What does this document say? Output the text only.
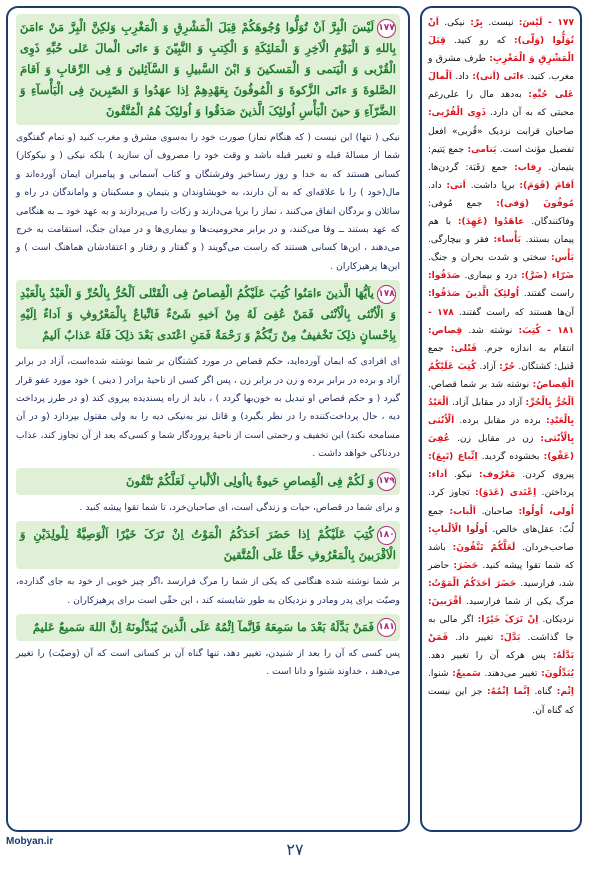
۱۷۷لَیْسَ الْبِرَّ اَنْ تُوَلُّوا وُجُوهَکُمْ قِبَلَ الْمَشْرِقِ وَ الْمَغْرِبِ وَلکِنَّ الْبِرَّ مَنْ ءامَنَ بِاللهِ وَ الْیَوْمِ الْاَخِرِ وَ الْمَلئِکَةِ وَ الْکِتبِ وَ النَّبِیّنَ وَ ءاتَی الْمالَ عَلی حُبِّهِ ذَوِی الْقُرْبی وَ الْیَتمی وَ الْمَسکینَ وَ ابْنَ السَّبیلِ وَ السَّآئِلینَ وَ فِی الرِّقابِ وَ اَقامَ الصَّلوةَ وَ ءاتَی الزَّکوةَ وَ الْمُوفُونَ بِعَهْدِهِمْ اِذا عهَدُوا وَ الصّبِرینَ فِی الْبَأْسآءِ وَ الضَّرّآءِ وَ حینَ الْبَأْسِ اُولئِکَ الَّذینَ صَدَقُوا وَ اُولئِکَ هُمُ الْمُتَّقُونَ

نیکی ( تنها) این نیست ( که هنگام نماز) صورت خود را به‌سوی مشرق و مغرب کنید (و تمام گفتگوی شما از مسالهٔ قبله و تغییر قبله باشد و وقت خود را مصروف آن سازید ) بلکه نیکی ( و نیکوکار) کسانی هستند که به خدا و روز رستاخیز وفرشتگان و کتاب آسمانی و پیامبران ایمان آورده‌اند و مال(خود ) را با علاقه‌ای که به آن دارند، به خویشاوندان و یتیمان و مسکینان و واماندگان در راه و سائلان و بردگان انفاق می‌کنند ، نماز را برپا می‌دارند و زکات را می‌پردازند و به عهد خود ــ به هنگامی که عهد بستند ــ وفا می‌کنند، و در برابر محرومیت‌ها و بیماری‌ها و در میدان جنگ، استقامت به خرج می‌دهند ، این‌ها کسانی هستند که راست می‌گویند ( و گفتار و رفتار و اعتقادشان هماهنگ است ) و این‌ها پرهیزکاران .

۱۷۸یاَیُّهَا الَّذینَ ءامَنُوا کُتِبَ عَلَیْکُمُ الْقِصاصُ فِی الْقَتْلی اَلْحُرُّ بِالْحُرِّ وَ الْعَبْدُ بِالْعَبْدِ وَ الْاُنْثی بِالْاُنْثی فَمَنْ عُفِیَ لَهُ مِنْ اَخیهِ شَیْءٌ فَاتِّباعٌ بِالْمَعْرُوفِ وَ اَداءٌ اِلَیْهِ بِاِحْسانٍ ذلِکَ تَخْفیفٌ مِنْ رَبِّکُمْ وَ رَحْمَةٌ فَمَنِ اعْتَدی بَعْدَ ذلِکَ فَلَهُ عَذابٌ اَلیمٌ

ای افرادی که ایمان آورده‌اید، حکم قصاص در مورد کشتگان بر شما نوشته شده‌است، آزاد در برابر آزاد و برده در برابر برده و زن در برابر زن ، پس اگر کسی از ناحیهٔ برادر ( دینی ) خود مورد عفو قرار گیرد ( و حکم قصاص او تبدیل به خون‌بها گردد ) ، باید از راه پسندیده پیروی کند (و در طرز پرداخت دیه ، حال پرداخت‌کننده را در نظر بگیرد) و قاتل نیز به‌نیکی دیه را به ولی مقتول بپردازد (و در آن مسامحه نکند) این تخفیف و رحمتی است از ناحیهٔ پروردگار شما و کسی‌که بعد از آن تجاوز کند، عذاب دردناکی خواهد داشت .

۱۷۹وَ لَکُمْ فِی الْقِصاصِ حَیوةٌ یااُولِی الْاَلْبابِ لَعَلَّکُمْ تَتَّقُونَ

و برای شما در قصاص، حیات و زندگی است، ای صاحبان‌خرد، تا شما تقوا پیشه کنید .

۱۸۰کُتِبَ عَلَیْکُمْ اِذا حَضَرَ اَحَدَکُمُ الْمَوْتُ اِنْ تَرَکَ خَیْرًا اَلْوَصِیَّةُ لِلْولِدَیْنِ وَ الْاَقْرَبینَ بِالْمَعْرُوفِ حَقًّا عَلَی الْمُتَّقینَ

بر شما نوشته شده هنگامی که یکی از شما را مرگ فرارسد ،اگر چیز خوبی از خود به جای گذارده، وصیّت برای پدر ومادر و نزدیکان به طور شایسته کند ، این حقّی است برای پرهیزکاران .

۱۸۱فَمَنْ بَدَّلَهُ بَعْدَ ما سَمِعَهُ فَاِنَّمآ اِثْمُهُ عَلَی الَّذینَ یُبَدِّلُونَهُ اِنَّ اللهَ سَمیعٌ عَلیمٌ

پس کسی که آن را بعد از شنیدن، تغییر دهد، تنها گناه آن بر کسانی است که آن (وصیّت) را تغییر می‌دهند ، خداوند شنوا و دانا است .

۱۷۷ - لَیْسَ: نیست. بِرّ: نیکی. اَنْ تُوَلُّوا (وَلّی): که رو کنید. قِبَلَ الْمَشْرِقِ وَ الْمَغْرِبِ: طرف مشرق و مغرب. کنید. ءاتَی (اَتی): داد. اَلْمالَ عَلی حُبِّهِ: به‌دهد مال را علی‌رغم محبتی که به آن دارد. ذَوِی الْقُرْبی: صاحبان قرابت نزدیک «قُربی» افعل تفضیل مؤنث است. یَتامی: جمع یَتیم: یتیمان. رِقاب: جمع رَقَبَة: گردن‌ها. اَقامَ (قَوَمَ): برپا داشت. اَتی: داد. مُوفُونَ (وَفی): جمع مُوفی: وفاکنندگان. عاهَدُوا (عَهِدَ): با هم پیمان بستند. بَأْساء: فقر و بیچارگی. بَأْس: سختی و شدت بحران و جنگ. ضَرّاء (ضَرَّ): درد و بیماری. صَدَقُوا: راست گفتند. اُولئِکَ الَّذینَ صَدَقُوا: آن‌ها هستند که راست گفتند. ۱۷۸ - ۱۸۱ - کُتِبَ: نوشته شد. قِصاص: انتقام به اندازه جرم. قَتْلی: جمع قَتیل: کشتگان. حُرّ: آزاد. کُتِبَ عَلَیْکُمُ الْقِصاصُ: نوشته شد بر شما قصاص. اَلْحُرُّ بِالْحُرِّ: آزاد در مقابل آزاد. اَلْعَبْدُ بِالْعَبْدِ: برده در مقابل برده. اَلْاُنْثی بِالْاُنْثی: زن در مقابل زن. عُفِیَ (عَفْو): بخشوده گردید. اِتِّباع (تَبِعَ): پیروی کردن. مَعْرُوف: نیکو. اَداء: پرداختن. اِعْتَدی (عَدَوَ): تجاوز کرد. اُولی، اُولُوا: صاحبان. اَلْباب: جمع لُبّ: عقل‌های خالص. اُولُوا الْاَلْبابِ: صاحب‌خردان. لَعَلَّکُمْ تَتَّقُونَ: باشد که شما تقوا پیشه کنید. حَضَرَ: حاضر شد، فرارسید. حَضَرَ اَحَدَکُمُ الْمَوْتُ: مرگ یکی از شما فرارسید. اَقْرَبینَ: نزدیکان. اِنْ تَرَکَ خَیْرًا: اگر مالی به جا گذاشت. بَدَّلَ: تغییر داد. فَمَنْ بَدَّلَهُ: پس هرکه آن را تغییر دهد. یُبَدِّلُونَ: تغییر می‌دهند. سَمیعٌ: شنوا. اِثْم: گناه. اِنَّما اِثْمُهُ: جز این نیست که گناه آن.
Mobyan.ir	۲۷
